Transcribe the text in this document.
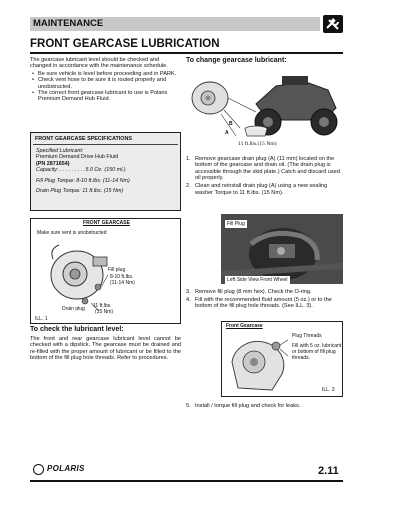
MAINTENANCE
FRONT GEARCASE LUBRICATION

The gearcase lubricant level should be checked and changed in accordance with the maintenance schedule.

• Be sure vehicle is level before proceeding and in PARK.
• Check vent hose to be sure it is routed properly and unobstructed.
• The correct front gearcase lubricant to use is Polaris Premium Demand Hub Fluid.
FRONT GEARCASE SPECIFICATIONS
Specified Lubricant:
Premium Demand Drive Hub Fluid
(PN 2871654)
Capacity: . . . . . . . . .5.0 Oz. (150 ml.)
Fill Plug Torque: 8-10 ft.lbs. (11-14 Nm)
Drain Plug Torque: 11 ft.lbs. (15 Nm)
FRONT GEARCASE
Make sure vent is unobstructed
Fill plug
8-10 ft.lbs.
(11-14 Nm)
Drain plug 11 ft.lbs.
(15 Nm)
ILL. 1
To check the lubricant level:

The front and rear gearcase lubricant level cannot be checked with a dipstick. The gearcase must be drained and re-filled with the proper amount of lubricant or be filled to the bottom of the fill plug hole threads. Refer to procedures.

To change gearcase lubricant:
B
A
11 ft.lbs.(15 Nm)
1. Remove gearcase drain plug (A) (11 mm) located on the bottom of the gearcase and drain oil. (The drain plug is accessible through the skid plate.) Catch and discard used oil properly.
2. Clean and reinstall drain plug (A) using a new sealing washer Torque to 11 ft.lbs. (15 Nm).
Fill Plug
Left Side View Front Wheel
3. Remove fill plug (8 mm hex). Check the O-ring.
4. Fill with the recommended fluid amount (5 oz.) or to the bottom of the fill plug hole threads. (See ILL. 3).
Front Gearcase
Plug Threads
Fill with 5 oz. lubricant or bottom of fill plug threads.
ILL. 3
5. Install / torque fill plug and check for leaks.
POLARIS	2.11
